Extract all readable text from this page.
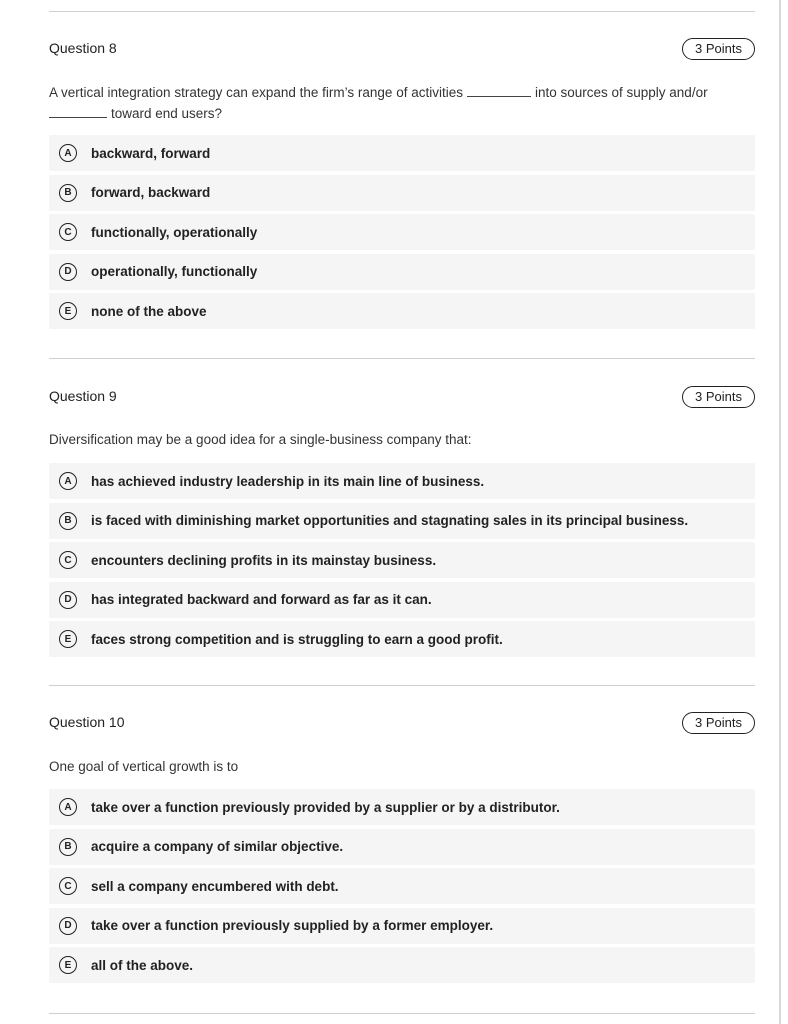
Question 8	3 Points
A vertical integration strategy can expand the firm’s range of activities	into sources of supply and/or
toward end users?
A	backward, forward
B	forward, backward
C	functionally, operationally
D	operationally, functionally
E	none of the above
Question 9	3 Points
Diversification may be a good idea for a single-business company that:
A	has achieved industry leadership in its main line of business.
B	is faced with diminishing market opportunities and stagnating sales in its principal business.
C	encounters declining profits in its mainstay business.
D	has integrated backward and forward as far as it can.
E	faces strong competition and is struggling to earn a good profit.
Question 10	3 Points
One goal of vertical growth is to
A	take over a function previously provided by a supplier or by a distributor.
B	acquire a company of similar objective.
C	sell a company encumbered with debt.
D	take over a function previously supplied by a former employer.
E	all of the above.
